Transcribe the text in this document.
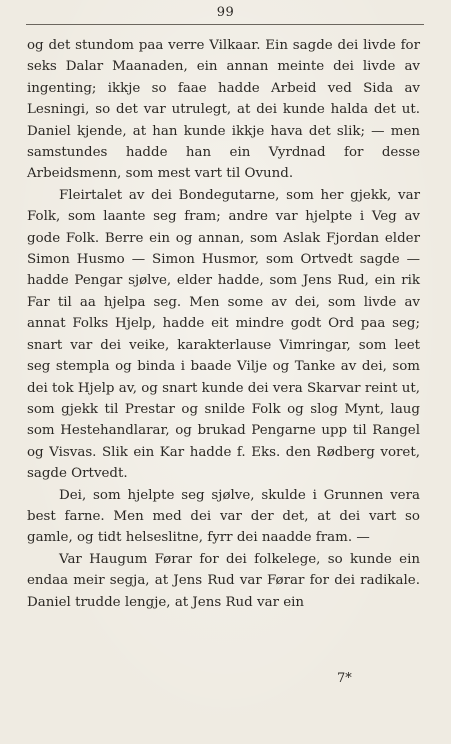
99

og det stundom paa verre Vilkaar. Ein sagde dei livde for seks Dalar Maanaden, ein annan meinte dei livde av ingenting; ikkje so faae hadde Arbeid ved Sida av Lesningi, so det var utrulegt, at dei kunde halda det ut. Daniel kjende, at han kunde ikkje hava det slik; — men samstundes hadde han ein Vyrdnad for desse Arbeidsmenn, som mest vart til Ovund.

Fleirtalet av dei Bondegutarne, som her gjekk, var Folk, som laante seg fram; andre var hjelpte i Veg av gode Folk. Berre ein og annan, som Aslak Fjordan elder Simon Husmo — Simon Husmor, som Ortvedt sagde — hadde Pengar sjølve, elder hadde, som Jens Rud, ein rik Far til aa hjelpa seg. Men some av dei, som livde av annat Folks Hjelp, hadde eit mindre godt Ord paa seg; snart var dei veike, karakterlause Vimringar, som leet seg stempla og binda i baade Vilje og Tanke av dei, som dei tok Hjelp av, og snart kunde dei vera Skarvar reint ut, som gjekk til Prestar og snilde Folk og slog Mynt, laug som Hestehandlarar, og brukad Pengarne upp til Rangel og Visvas. Slik ein Kar hadde f. Eks. den Rødberg voret, sagde Ortvedt.

Dei, som hjelpte seg sjølve, skulde i Grunnen vera best farne. Men med dei var der det, at dei vart so gamle, og tidt helseslitne, fyrr dei naadde fram. —

Var Haugum Førar for dei folkelege, so kunde ein endaa meir segja, at Jens Rud var Førar for dei radikale. Daniel trudde lengje, at Jens Rud var ein

7*
